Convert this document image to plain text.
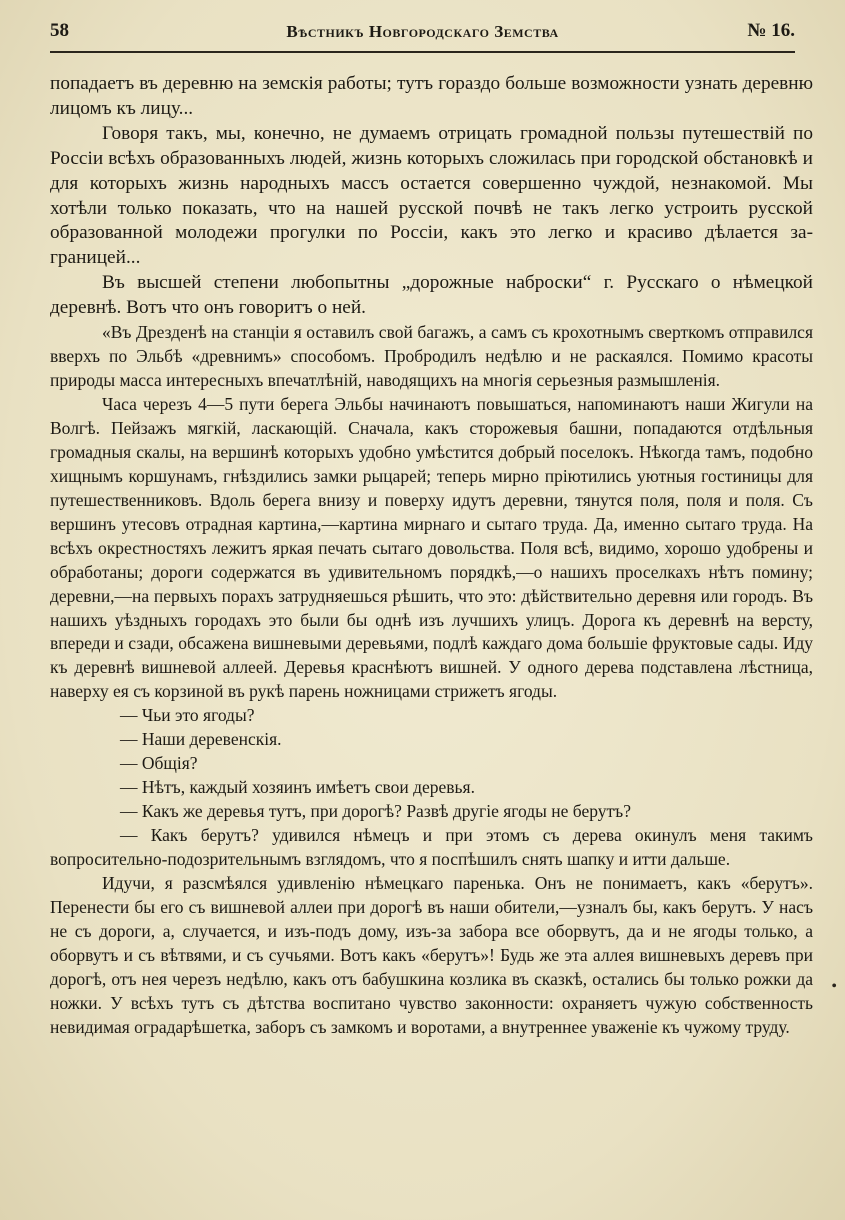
58	Вѣстникъ Новгородскаго Земства	№ 16.

попадаетъ въ деревню на земскія работы; тутъ гораздо больше возможности узнать деревню лицомъ къ лицу...

Говоря такъ, мы, конечно, не думаемъ отрицать громадной пользы путешествій по Россіи всѣхъ образованныхъ людей, жизнь которыхъ сложилась при городской обстановкѣ и для которыхъ жизнь народныхъ массъ остается совершенно чуждой, незнакомой. Мы хотѣли только показать, что на нашей русской почвѣ не такъ легко устроить русской образованной молодежи прогулки по Россіи, какъ это легко и красиво дѣлается за-границей...

Въ высшей степени любопытны „дорожные наброски“ г. Русскаго о нѣмецкой деревнѣ. Вотъ что онъ говоритъ о ней.

«Въ Дрезденѣ на станціи я оставилъ свой багажъ, а самъ съ крохотнымъ сверткомъ отправился вверхъ по Эльбѣ «древнимъ» способомъ. Пробродилъ недѣлю и не раскаялся. Помимо красоты природы масса интересныхъ впечатлѣній, наводящихъ на многія серьезныя размышленія.

Часа черезъ 4—5 пути берега Эльбы начинаютъ повышаться, напоминаютъ наши Жигули на Волгѣ. Пейзажъ мягкій, ласкающій. Сначала, какъ сторожевыя башни, попадаются отдѣльныя громадныя скалы, на вершинѣ которыхъ удобно умѣстится добрый поселокъ. Нѣкогда тамъ, подобно хищнымъ коршунамъ, гнѣздились замки рыцарей; теперь мирно пріютились уютныя гостиницы для путешественниковъ. Вдоль берега внизу и поверху идутъ деревни, тянутся поля, поля и поля. Съ вершинъ утесовъ отрадная картина,—картина мирнаго и сытаго труда. Да, именно сытаго труда. На всѣхъ окрестностяхъ лежитъ яркая печать сытаго довольства. Поля всѣ, видимо, хорошо удобрены и обработаны; дороги содержатся въ удивительномъ порядкѣ,—о нашихъ проселкахъ нѣтъ помину; деревни,—на первыхъ порахъ затрудняешься рѣшить, что это: дѣйствительно деревня или городъ. Въ нашихъ уѣздныхъ городахъ это были бы однѣ изъ лучшихъ улицъ. Дорога къ деревнѣ на версту, впереди и сзади, обсажена вишневыми деревьями, подлѣ каждаго дома большіе фруктовые сады. Иду къ деревнѣ вишневой аллеей. Деревья краснѣютъ вишней. У одного дерева подставлена лѣстница, наверху ея съ корзиной въ рукѣ парень ножницами стрижетъ ягоды.

— Чьи это ягоды?

— Наши деревенскія.

— Общія?

— Нѣтъ, каждый хозяинъ имѣетъ свои деревья.

— Какъ же деревья тутъ, при дорогѣ? Развѣ другіе ягоды не берутъ?

— Какъ берутъ? удивился нѣмецъ и при этомъ съ дерева окинулъ меня такимъ вопросительно-подозрительнымъ взглядомъ, что я поспѣшилъ снять шапку и итти дальше.

Идучи, я разсмѣялся удивленію нѣмецкаго паренька. Онъ не понимаетъ, какъ «берутъ». Перенести бы его съ вишневой аллеи при дорогѣ въ наши обители,—узналъ бы, какъ берутъ. У насъ не съ дороги, а, случается, и изъ-подъ дому, изъ-за забора все оборвутъ, да и не ягоды только, а оборвутъ и съ вѣтвями, и съ сучьями. Вотъ какъ «берутъ»! Будь же эта аллея вишневыхъ деревъ при дорогѣ, отъ нея черезъ недѣлю, какъ отъ бабушкина козлика въ сказкѣ, остались бы только рожки да ножки. У всѣхъ тутъ съ дѣтства воспитано чувство законности: охраняетъ чужую собственность невидимая оградарѣшетка, заборъ съ замкомъ и воротами, а внутреннее уваженіе къ чужому труду.

•
